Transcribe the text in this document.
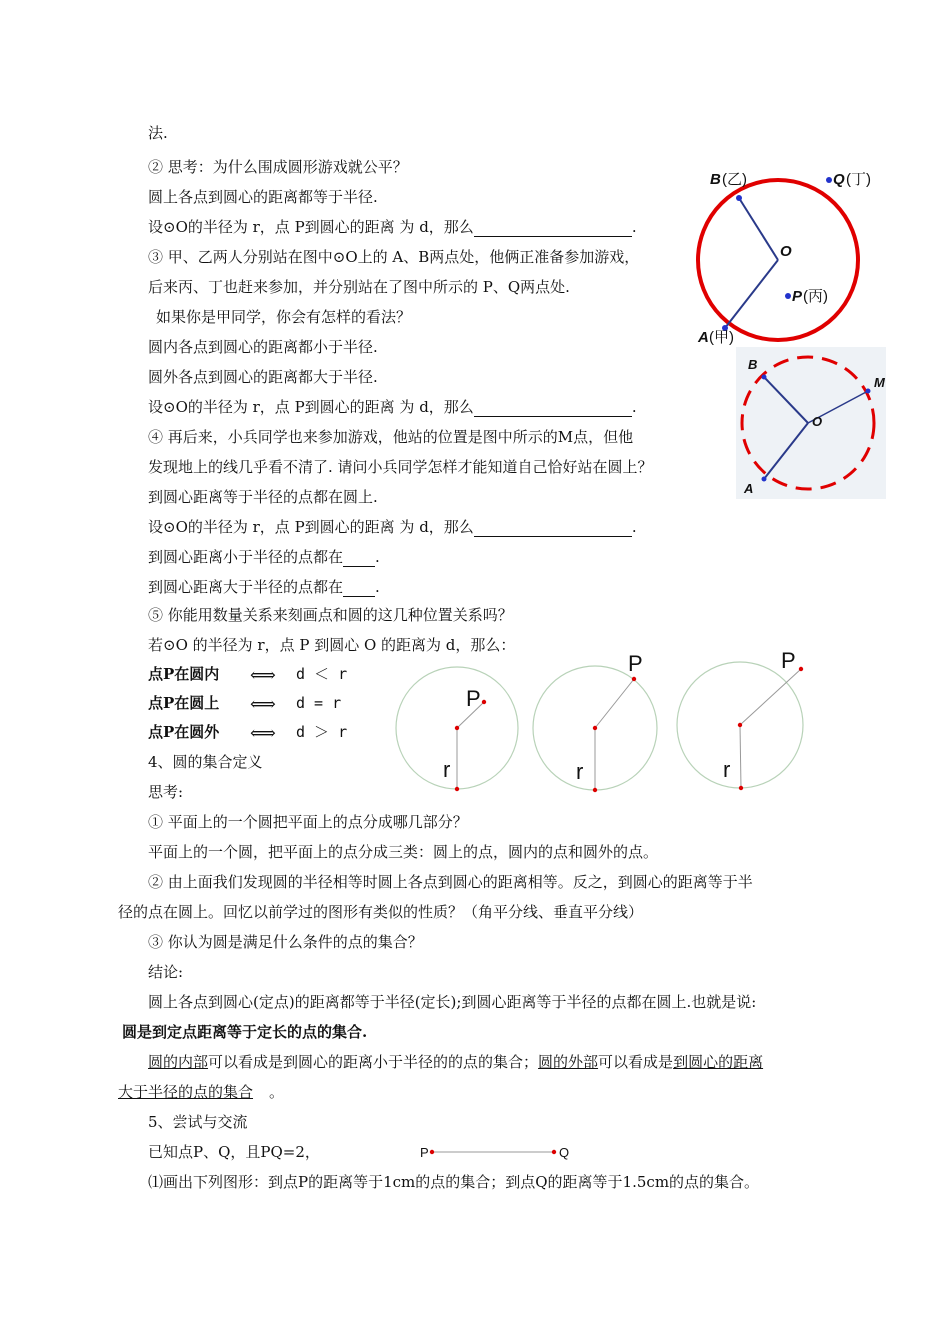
法.
② 思考：为什么围成圆形游戏就公平？
圆上各点到圆心的距离都等于半径.
设⊙O的半径为 r，点 P到圆心的距离 为 d，那么	.
③ 甲、乙两人分别站在图中⊙O上的 A、B两点处，他俩正准备参加游戏，
后来丙、丁也赶来参加，并分别站在了图中所示的 P、Q两点处.
如果你是甲同学，你会有怎样的看法？
圆内各点到圆心的距离都小于半径.
圆外各点到圆心的距离都大于半径.
设⊙O的半径为 r，点 P到圆心的距离 为 d，那么	.
④ 再后来，小兵同学也来参加游戏，他站的位置是图中所示的M点，但他
发现地上的线几乎看不清了. 请问小兵同学怎样才能知道自己恰好站在圆上？
到圆心距离等于半径的点都在圆上.
设⊙O的半径为 r，点 P到圆心的距离 为 d，那么	.
到圆心距离小于半径的点都在 .
到圆心距离大于半径的点都在 .
⑤ 你能用数量关系来刻画点和圆的这几种位置关系吗？
若⊙O 的半径为 r，点 P 到圆心 O 的距离为 d，那么：
点P在圆内 ⟺ d ＜ r
点P在圆上 ⟺ d = r
点P在圆外 ⟺ d ＞ r
4、圆的集合定义
思考:
① 平面上的一个圆把平面上的点分成哪几部分？
平面上的一个圆，把平面上的点分成三类：圆上的点，圆内的点和圆外的点。
② 由上面我们发现圆的半径相等时圆上各点到圆心的距离相等。反之，到圆心的距离等于半
径的点在圆上。回忆以前学过的图形有类似的性质？（角平分线、垂直平分线）
③ 你认为圆是满足什么条件的点的集合？
结论:
圆上各点到圆心(定点)的距离都等于半径(定长);到圆心距离等于半径的点都在圆上.也就是说:
圆是到定点距离等于定长的点的集合.
圆的内部可以看成是到圆心的距离小于半径的的点的集合；圆的外部可以看成是到圆心的距离
大于半径的点的集合 。
5、尝试与交流
已知点P、Q，且PQ=2，
⑴画出下列图形：到点P的距离等于1cm的点的集合；到点Q的距离等于1.5cm的点的集合。
B (乙)	Q (丁)
O
P (丙)
A (甲)
B
M
O
A
P
r
P
r
P
r
P	Q
